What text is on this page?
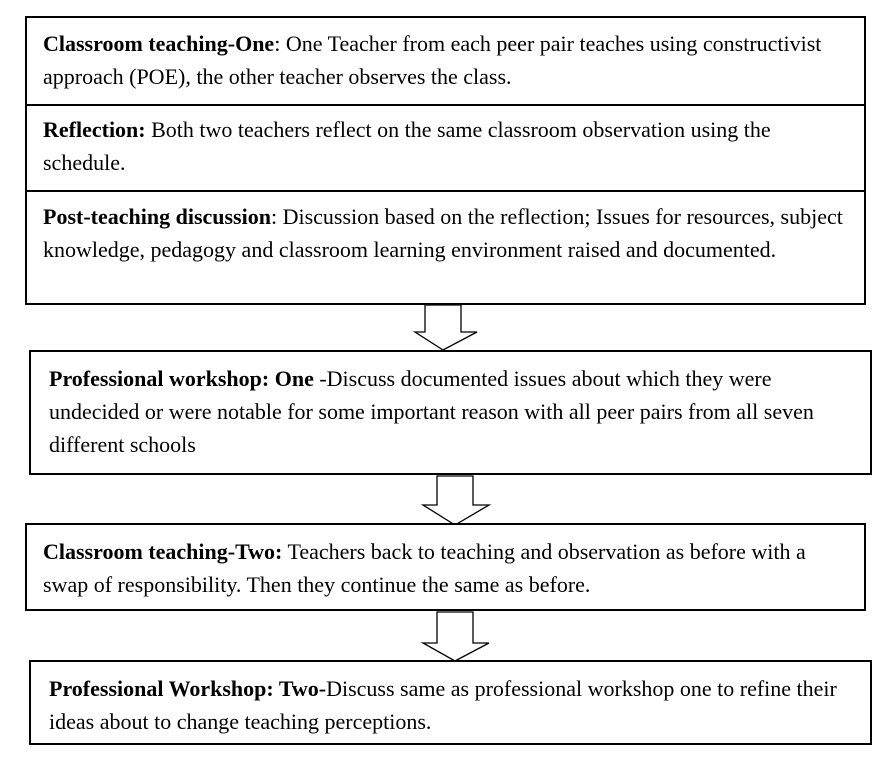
Classroom teaching-One: One Teacher from each peer pair teaches using constructivist approach (POE), the other teacher observes the class.
Reflection: Both two teachers reflect on the same classroom observation using the schedule.
Post-teaching discussion: Discussion based on the reflection; Issues for resources, subject knowledge, pedagogy and classroom learning environment raised and documented.
Professional workshop: One -Discuss documented issues about which they were undecided or were notable for some important reason with all peer pairs from all seven different schools
Classroom teaching-Two: Teachers back to teaching and observation as before with a swap of responsibility. Then they continue the same as before.
Professional Workshop: Two-Discuss same as professional workshop one to refine their ideas about to change teaching perceptions.
